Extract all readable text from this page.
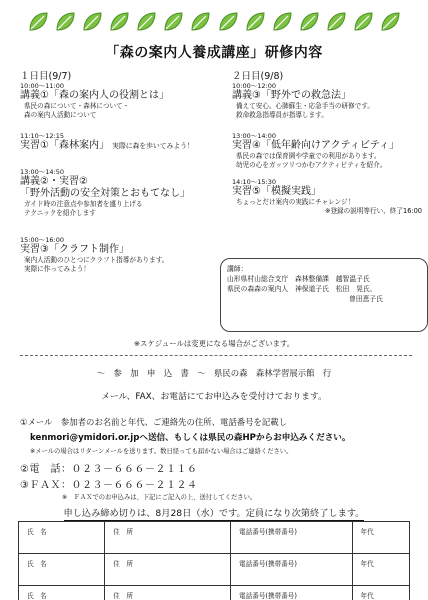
「森の案内人養成講座」研修内容
１日目(9/7)
10:00～11:00
講義①「森の案内人の役割とは」
県民の森について・森林について・
森の案内人活動について
11:10～12:15
実習①「森林案内」 実際に森を歩いてみよう！
13:00～14:50
講義②・実習②
「野外活動の安全対策とおもてなし」
ガイド時の注意点や参加者を盛り上げる
テクニックを紹介します
15:00～16:00
実習③「クラフト制作」
案内人活動のひとつにクラフト指導があります。
実際に作ってみよう！
２日目(9/8)
10:00～12:00
講義③「野外での救急法」
備えて安心。心肺蘇生・応急手当の研修です。
救命救急指導員が指導します。
13:00～14:00
実習④「低年齢向けアクティビティ」
県民の森では保育園や学童での利用があります。
幼児の心をガッツリつかむアクティビティを紹介。
14:10～15:30
実習⑤「模擬実践」
ちょっとだけ案内の実践にチャレンジ！
※登録の説明等行い、終了16:00
講師：
山形県村山総合支庁　森林整備課　越智温子氏
県民の森森の案内人　神保道子氏　松田　晃氏、
曾田恵子氏
※スケジュールは変更になる場合がございます。
～　参　加　申　込　書　～　県民の森　森林学習展示館　行
メール、FAX、お電話にてお申込みを受付けております。
①メール　参加者のお名前と年代、ご連絡先の住所、電話番号を記載し
kenmori@ymidori.or.jpへ送信、もしくは県民の森HPからお申込みください。
※メールの場合はリターンメールを送ります。数日経っても届かない場合はご連絡ください。
②電　話：０２３－６６６－２１１６
③ＦＡＸ：０２３－６６６－２１２４
※　ＦＡＸでのお申込みは、下記にご記入の上、送付してください。
申し込み締め切りは、8月28日（水）です。定員になり次第終了します。
氏　名	住　所	電話番号(携帯番号)	年代
氏　名	住　所	電話番号(携帯番号)	年代
氏　名	住　所	電話番号(携帯番号)	年代
